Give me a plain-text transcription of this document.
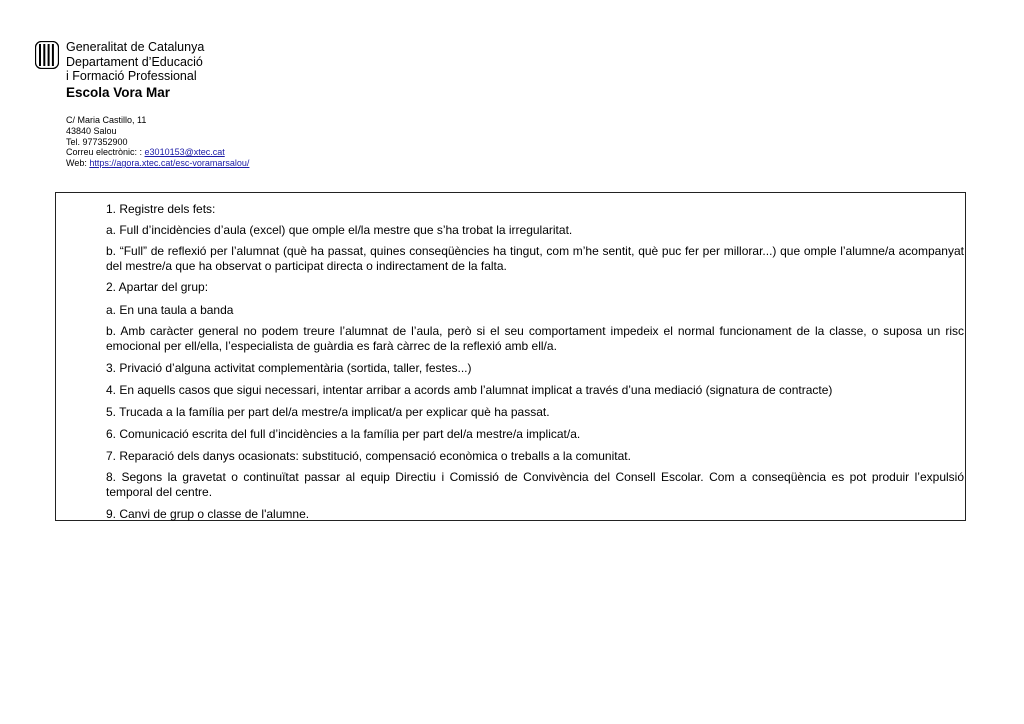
Generalitat de Catalunya
Departament d’Educació
i Formació Professional
Escola Vora Mar
C/ Maria Castillo, 11
43840 Salou
Tel. 977352900
Correu electrònic: : e3010153@xtec.cat
Web: https://agora.xtec.cat/esc-voramarsalou/
1. Registre dels fets:
a. Full d’incidències d’aula (excel) que omple el/la mestre que s’ha trobat la irregularitat.
b. “Full” de reflexió per l’alumnat (què ha passat, quines conseqüències ha tingut, com m’he sentit, què puc fer per millorar...) que omple l’alumne/a acompanyat del mestre/a que ha observat o participat directa o indirectament de la falta.
2. Apartar del grup:
a. En una taula a banda
b. Amb caràcter general no podem treure l’alumnat de l’aula, però si el seu comportament impedeix el normal funcionament de la classe, o suposa un risc emocional per ell/ella, l’especialista de guàrdia es farà càrrec de la reflexió amb ell/a.
3. Privació d’alguna activitat complementària (sortida, taller, festes...)
4. En aquells casos que sigui necessari, intentar arribar a acords amb l’alumnat implicat a través d’una mediació (signatura de contracte)
5. Trucada a la família per part del/a mestre/a implicat/a per explicar què ha passat.
6. Comunicació escrita del full d’incidències a la família per part del/a mestre/a implicat/a.
7. Reparació dels danys ocasionats: substitució, compensació econòmica o treballs a la comunitat.
8. Segons la gravetat o continuïtat passar al equip Directiu i Comissió de Convivència del Consell Escolar. Com a conseqüència es pot produir l’expulsió temporal del centre.
9. Canvi de grup o classe de l'alumne.
